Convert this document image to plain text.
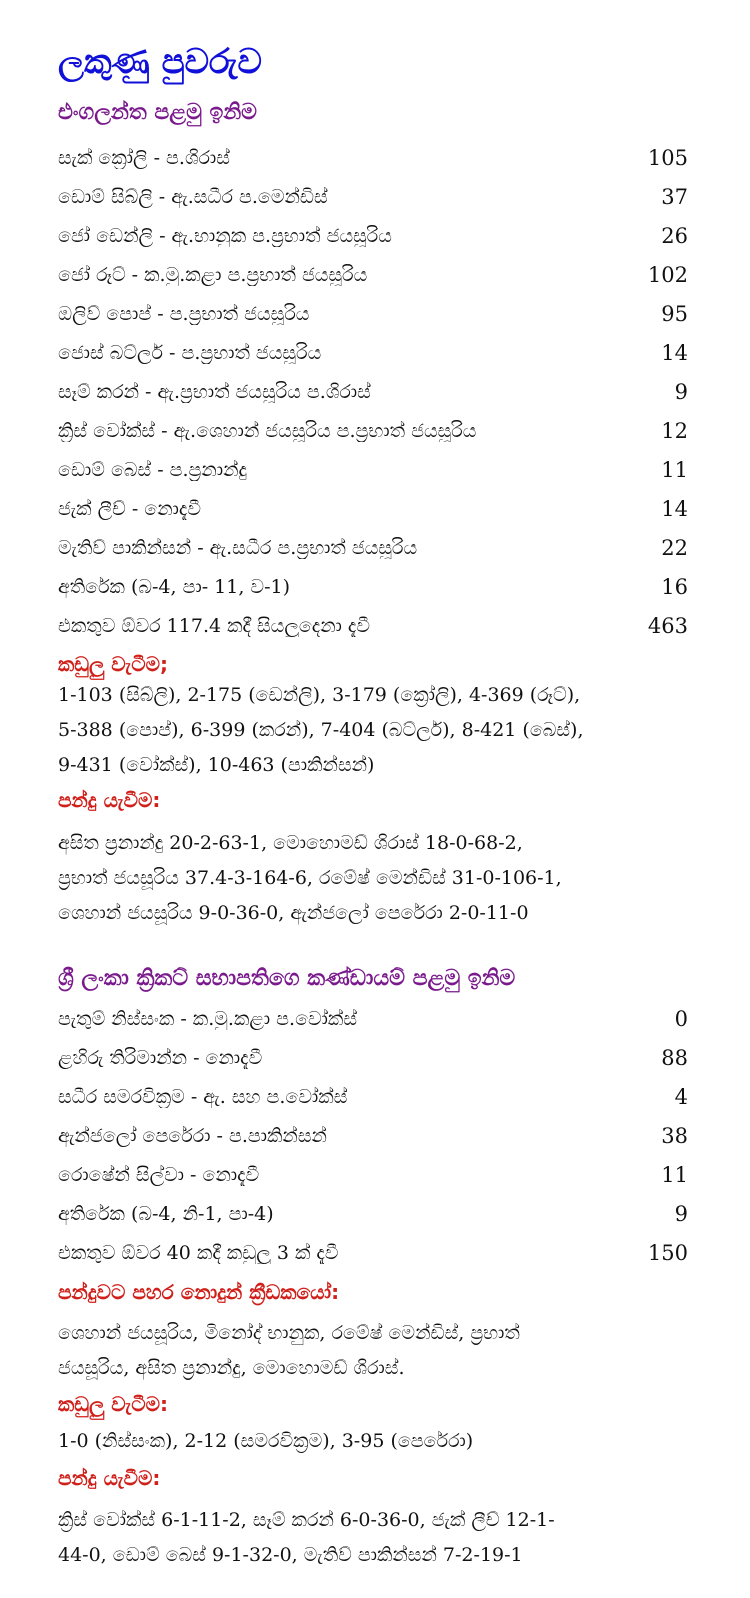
ලකුණු පුවරුව
එංගලන්ත පළමු ඉනිම
සැක් ක්‍රෝලි - ප.ශිරාස්	105
ඩොම් සිබ්ලි - ඇ.සධීර ප.මෙන්ඩිස්	37
ජෝ ඩෙන්ලි - ඇ.භානුක ප.ප්‍රභාත් ජයසූරිය	26
ජෝ රූට් - ක.මු.කළා ප.ප්‍රභාත් ජයසූරිය	102
ඔලිව් පොප් - ප.ප්‍රභාත් ජයසූරිය	95
ජොස් බට්ලර් - ප.ප්‍රභාත් ජයසූරිය	14
සෑම් කරන් - ඇ.ප්‍රභාත් ජයසූරිය ප.ශිරාස්	9
ක්‍රිස් වෝක්ස් - ඇ.ශෙහාන් ජයසූරිය ප.ප්‍රභාත් ජයසූරිය	12
ඩොම් බෙස් - ප.ප්‍රනාන්දු	11
ජැක් ලීච් - නොදැවී	14
මැතිව් පාකින්සන් - ඇ.සධීර ප.ප්‍රභාත් ජයසූරිය	22
අතිරේක (බ-4, පා- 11, ව-1)	16
එකතුව ඕවර 117.4 කදී සියලුදෙනා දැවී	463
කඩුලු වැටීම;
1-103 (සිබ්ලි), 2-175 (ඩෙන්ලි), 3-179 (ක්‍රෝලි), 4-369 (රූට්),
5-388 (පොප්), 6-399 (කරන්), 7-404 (බට්ලර්), 8-421 (බෙස්),
9-431 (වෝක්ස්), 10-463 (පාකින්සන්)
පන්දු යැවීම:
අසිත ප්‍රනාන්දු 20-2-63-1, මොහොමඩ් ශිරාස් 18-0-68-2,
ප්‍රභාත් ජයසූරිය 37.4-3-164-6, රමේෂ් මෙන්ඩිස් 31-0-106-1,
ශෙහාන් ජයසූරිය 9-0-36-0, ඇන්ජලෝ පෙරේරා 2-0-11-0
ශ්‍රී ලංකා ක්‍රිකට් සභාපතිගෙ කණ්ඩායම් පළමු ඉනිම
පැතුම් නිස්සංක - ක.මු.කළා ප.වෝක්ස්	0
ළහිරු තිරිමාන්න - නොදැවී	88
සධීර සමරවික්‍රම - ඇ. සහ ප.වෝක්ස්	4
ඇන්ජලෝ පෙරේරා - ප.පාකින්සන්	38
රොෂේන් සිල්වා - නොදැවී	11
අතිරේක (බ-4, නි-1, පා-4)	9
එකතුව ඕවර 40 කදී කඩුලු 3 ක් දැවී	150
පන්දුවට පහර නොදුන් ක්‍රීඩකයෝ:
ශෙහාන් ජයසූරිය, මිනෝද් භානුක, රමේෂ් මෙන්ඩිස්, ප්‍රභාත්
ජයසූරිය, අසිත ප්‍රනාන්දු, මොහොමඩ් ශිරාස්.
කඩුලු වැටීම:
1-0 (නිස්සංක), 2-12 (සමරවික්‍රම), 3-95 (පෙරේරා)
පන්දු යැවීම:
ක්‍රිස් වෝක්ස් 6-1-11-2, සෑම් කරන් 6-0-36-0, ජැක් ලීච් 12-1-
44-0, ඩොම් බෙස් 9-1-32-0, මැතිව් පාකින්සන් 7-2-19-1
